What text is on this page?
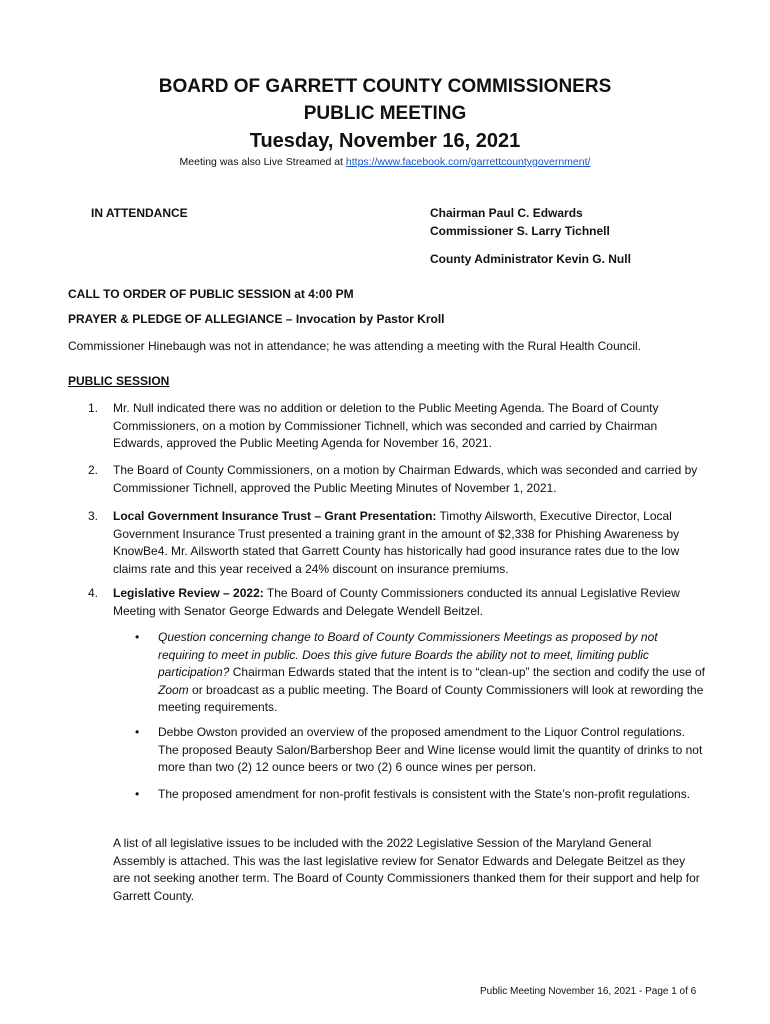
BOARD OF GARRETT COUNTY COMMISSIONERS
PUBLIC MEETING
Tuesday, November 16, 2021
Meeting was also Live Streamed at https://www.facebook.com/garrettcountygovernment/
IN ATTENDANCE	Chairman Paul C. Edwards
Commissioner S. Larry Tichnell
County Administrator Kevin G. Null
CALL TO ORDER OF PUBLIC SESSION at 4:00 PM
PRAYER & PLEDGE OF ALLEGIANCE – Invocation by Pastor Kroll
Commissioner Hinebaugh was not in attendance; he was attending a meeting with the Rural Health Council.
PUBLIC SESSION
1. Mr. Null indicated there was no addition or deletion to the Public Meeting Agenda. The Board of County Commissioners, on a motion by Commissioner Tichnell, which was seconded and carried by Chairman Edwards, approved the Public Meeting Agenda for November 16, 2021.
2. The Board of County Commissioners, on a motion by Chairman Edwards, which was seconded and carried by Commissioner Tichnell, approved the Public Meeting Minutes of November 1, 2021.
3. Local Government Insurance Trust – Grant Presentation: Timothy Ailsworth, Executive Director, Local Government Insurance Trust presented a training grant in the amount of $2,338 for Phishing Awareness by KnowBe4. Mr. Ailsworth stated that Garrett County has historically had good insurance rates due to the low claims rate and this year received a 24% discount on insurance premiums.
4. Legislative Review – 2022: The Board of County Commissioners conducted its annual Legislative Review Meeting with Senator George Edwards and Delegate Wendell Beitzel.
• Question concerning change to Board of County Commissioners Meetings as proposed by not requiring to meet in public. Does this give future Boards the ability not to meet, limiting public participation? Chairman Edwards stated that the intent is to “clean-up” the section and codify the use of Zoom or broadcast as a public meeting. The Board of County Commissioners will look at rewording the meeting requirements.
• Debbe Owston provided an overview of the proposed amendment to the Liquor Control regulations. The proposed Beauty Salon/Barbershop Beer and Wine license would limit the quantity of drinks to not more than two (2) 12 ounce beers or two (2) 6 ounce wines per person.
• The proposed amendment for non-profit festivals is consistent with the State’s non-profit regulations.
A list of all legislative issues to be included with the 2022 Legislative Session of the Maryland General Assembly is attached. This was the last legislative review for Senator Edwards and Delegate Beitzel as they are not seeking another term. The Board of County Commissioners thanked them for their support and help for Garrett County.
Public Meeting November 16, 2021 - Page 1 of 6
